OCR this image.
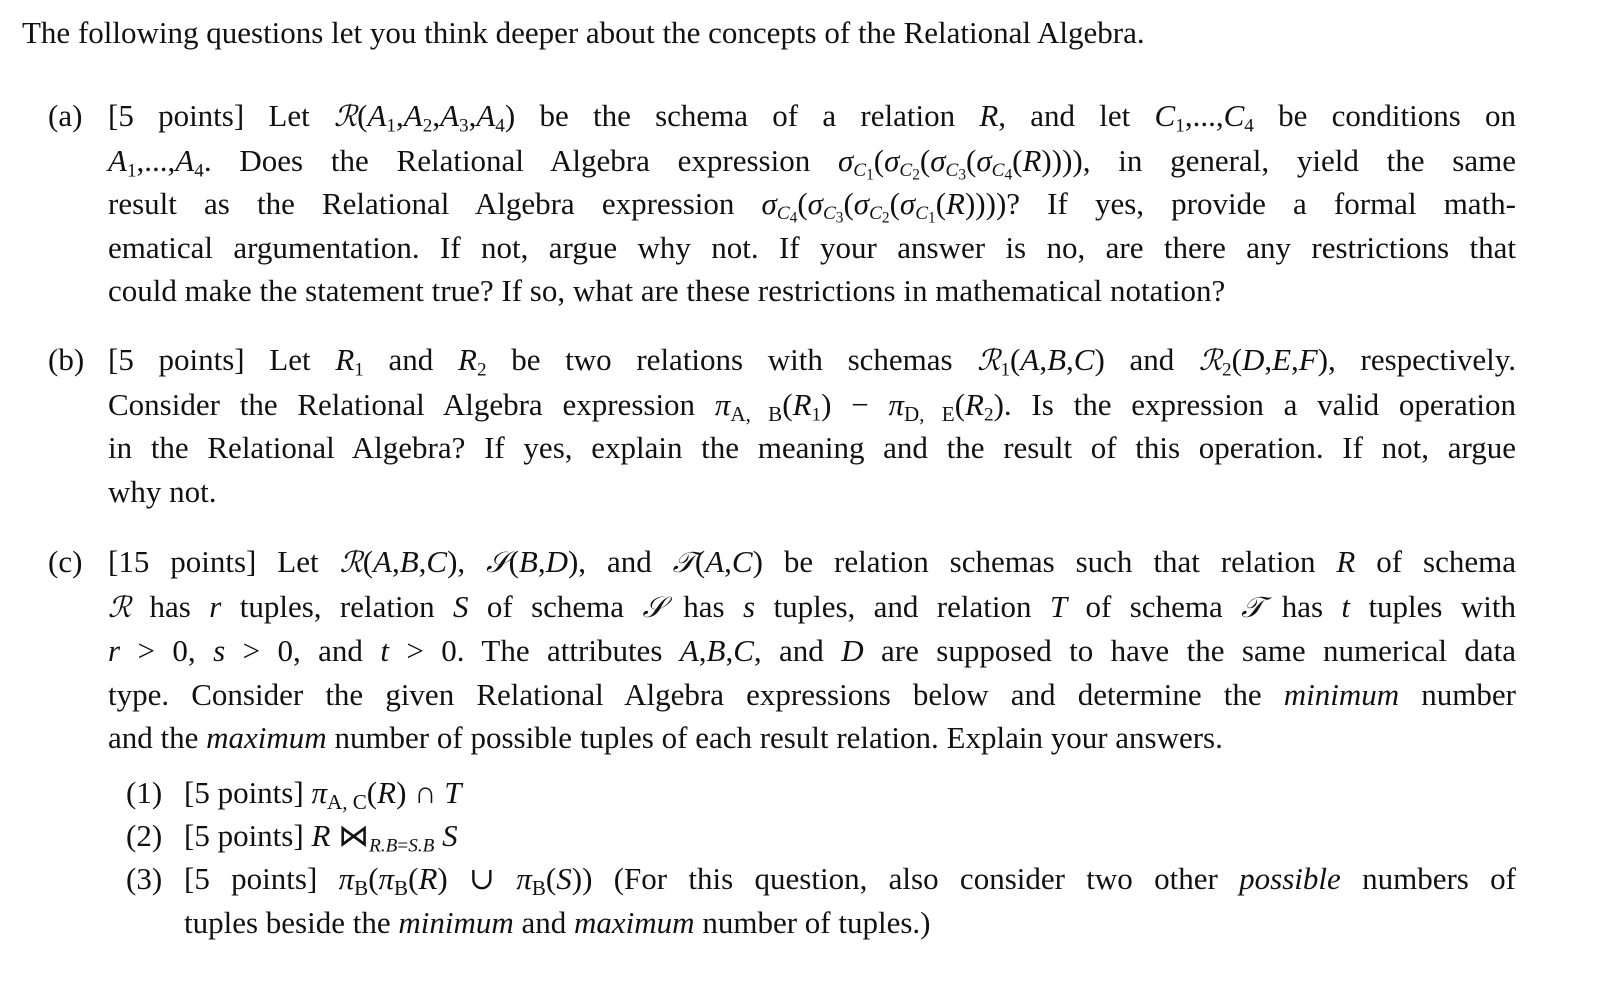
The following questions let you think deeper about the concepts of the Relational Algebra.
(a) [5 points] Let $ℛ(A_1,A_2,A_3,A_4)$ be the schema of a relation R, and let $C_1,...,C_4$ be conditions on
$A_1,...,A_4$. Does the Relational Algebra expression $\sigma_{C_1}(\sigma_{C_2}(\sigma_{C_3}(\sigma_{C_4}(R))))$, in general, yield the same
result as the Relational Algebra expression $\sigma_{C_4}(\sigma_{C_3}(\sigma_{C_2}(\sigma_{C_1}(R))))$? If yes, provide a formal math-
ematical argumentation. If not, argue why not. If your answer is no, are there any restrictions that
could make the statement true? If so, what are these restrictions in mathematical notation?
(b) [5 points] Let $R_1$ and $R_2$ be two relations with schemas ℛ$_1$(A,B,C) and ℛ$_2$(D,E,F), respectively.
Consider the Relational Algebra expression πA, $B(R_1) - \pi D$, $E(R_2)$. Is the expression a valid operation
in the Relational Algebra? If yes, explain the meaning and the result of this operation. If not, argue
why not.
(c) [15 points] Let ℛ(A,B,C), 𝒮(B,D), and 𝒯(A,C) be relation schemas such that relation R of schema
ℛ has r tuples, relation S of schema 𝒮 has s tuples, and relation T of schema 𝒯 has t tuples with
r > 0, s > 0, and t > 0. The attributes A,B,C, and D are supposed to have the same numerical data
type. Consider the given Relational Algebra expressions below and determine the minimum number
and the maximum number of possible tuples of each result relation. Explain your answers.
(1) [5 points] πA, C(R) ∩ T
(2) [5 points] R $⋈_{R.B=S.B}$ S
(3) [5 points] πB(πB(R) ∪ πB(S)) (For this question, also consider two other possible numbers of
tuples beside the minimum and maximum number of tuples.)
